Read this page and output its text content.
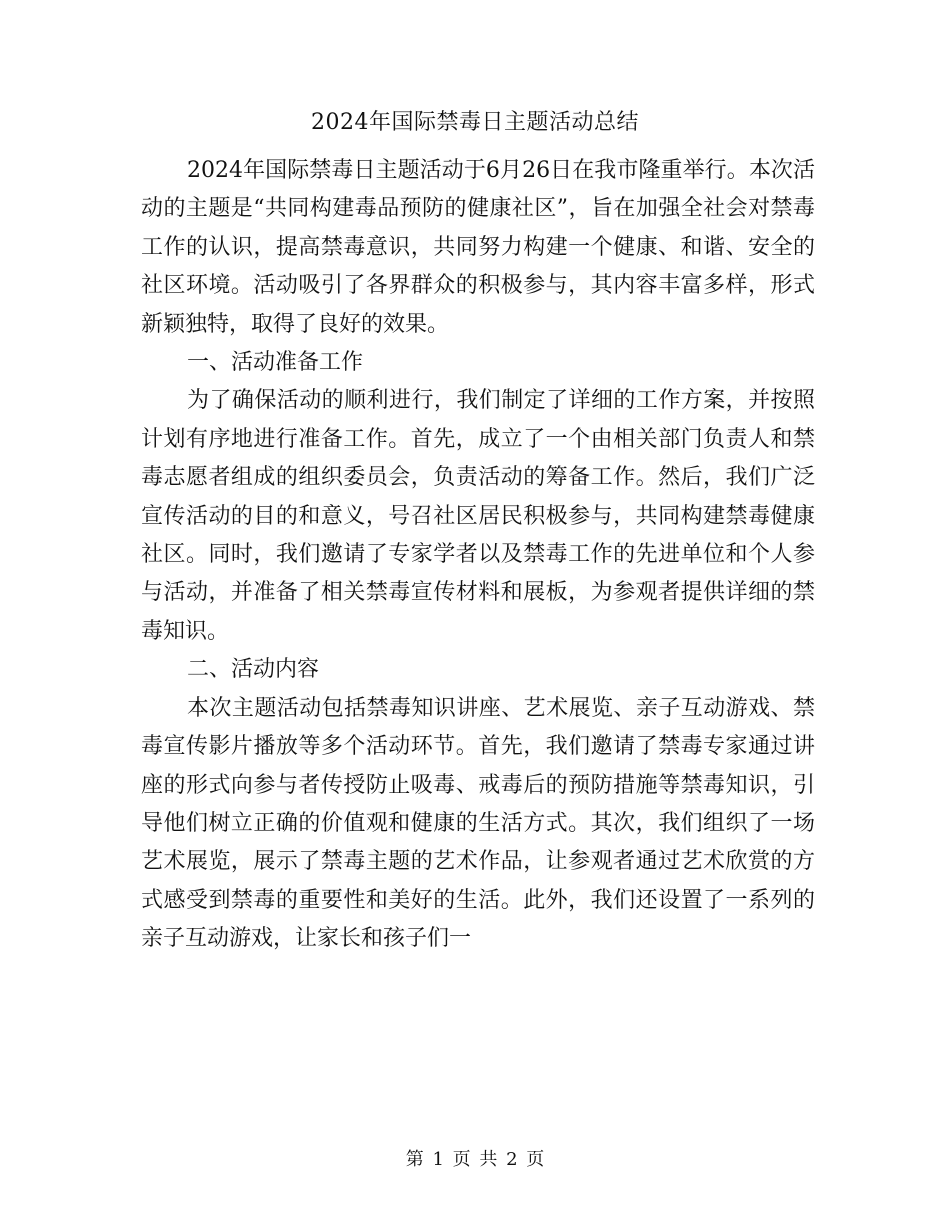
2024年国际禁毒日主题活动总结

2024年国际禁毒日主题活动于6月26日在我市隆重举行。本次活动的主题是“共同构建毒品预防的健康社区”，旨在加强全社会对禁毒工作的认识，提高禁毒意识，共同努力构建一个健康、和谐、安全的社区环境。活动吸引了各界群众的积极参与，其内容丰富多样，形式新颖独特，取得了良好的效果。

一、活动准备工作

为了确保活动的顺利进行，我们制定了详细的工作方案，并按照计划有序地进行准备工作。首先，成立了一个由相关部门负责人和禁毒志愿者组成的组织委员会，负责活动的筹备工作。然后，我们广泛宣传活动的目的和意义，号召社区居民积极参与，共同构建禁毒健康社区。同时，我们邀请了专家学者以及禁毒工作的先进单位和个人参与活动，并准备了相关禁毒宣传材料和展板，为参观者提供详细的禁毒知识。

二、活动内容

本次主题活动包括禁毒知识讲座、艺术展览、亲子互动游戏、禁毒宣传影片播放等多个活动环节。首先，我们邀请了禁毒专家通过讲座的形式向参与者传授防止吸毒、戒毒后的预防措施等禁毒知识，引导他们树立正确的价值观和健康的生活方式。其次，我们组织了一场艺术展览，展示了禁毒主题的艺术作品，让参观者通过艺术欣赏的方式感受到禁毒的重要性和美好的生活。此外，我们还设置了一系列的亲子互动游戏，让家长和孩子们一

第 1 页 共 2 页
